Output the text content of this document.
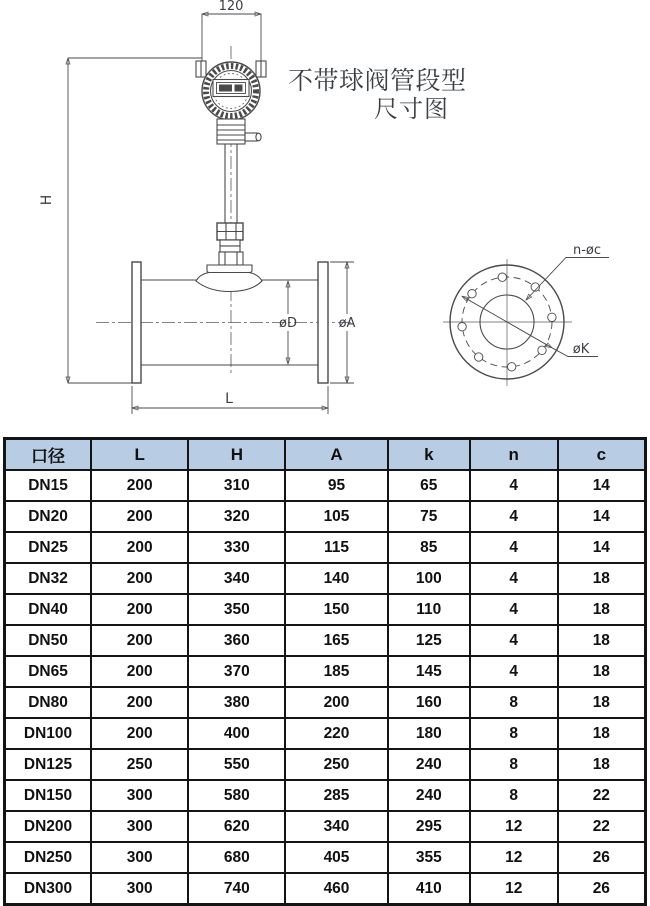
120
H
øD	øA
L
øK
n-øc
不带球阀管段型
尺寸图
口径	L	H	A	k	n	c
DN15	200	310	95	65	4	14
DN20	200	320	105	75	4	14
DN25	200	330	115	85	4	14
DN32	200	340	140	100	4	18
DN40	200	350	150	110	4	18
DN50	200	360	165	125	4	18
DN65	200	370	185	145	4	18
DN80	200	380	200	160	8	18
DN100	200	400	220	180	8	18
DN125	250	550	250	240	8	18
DN150	300	580	285	240	8	22
DN200	300	620	340	295	12	22
DN250	300	680	405	355	12	26
DN300	300	740	460	410	12	26
